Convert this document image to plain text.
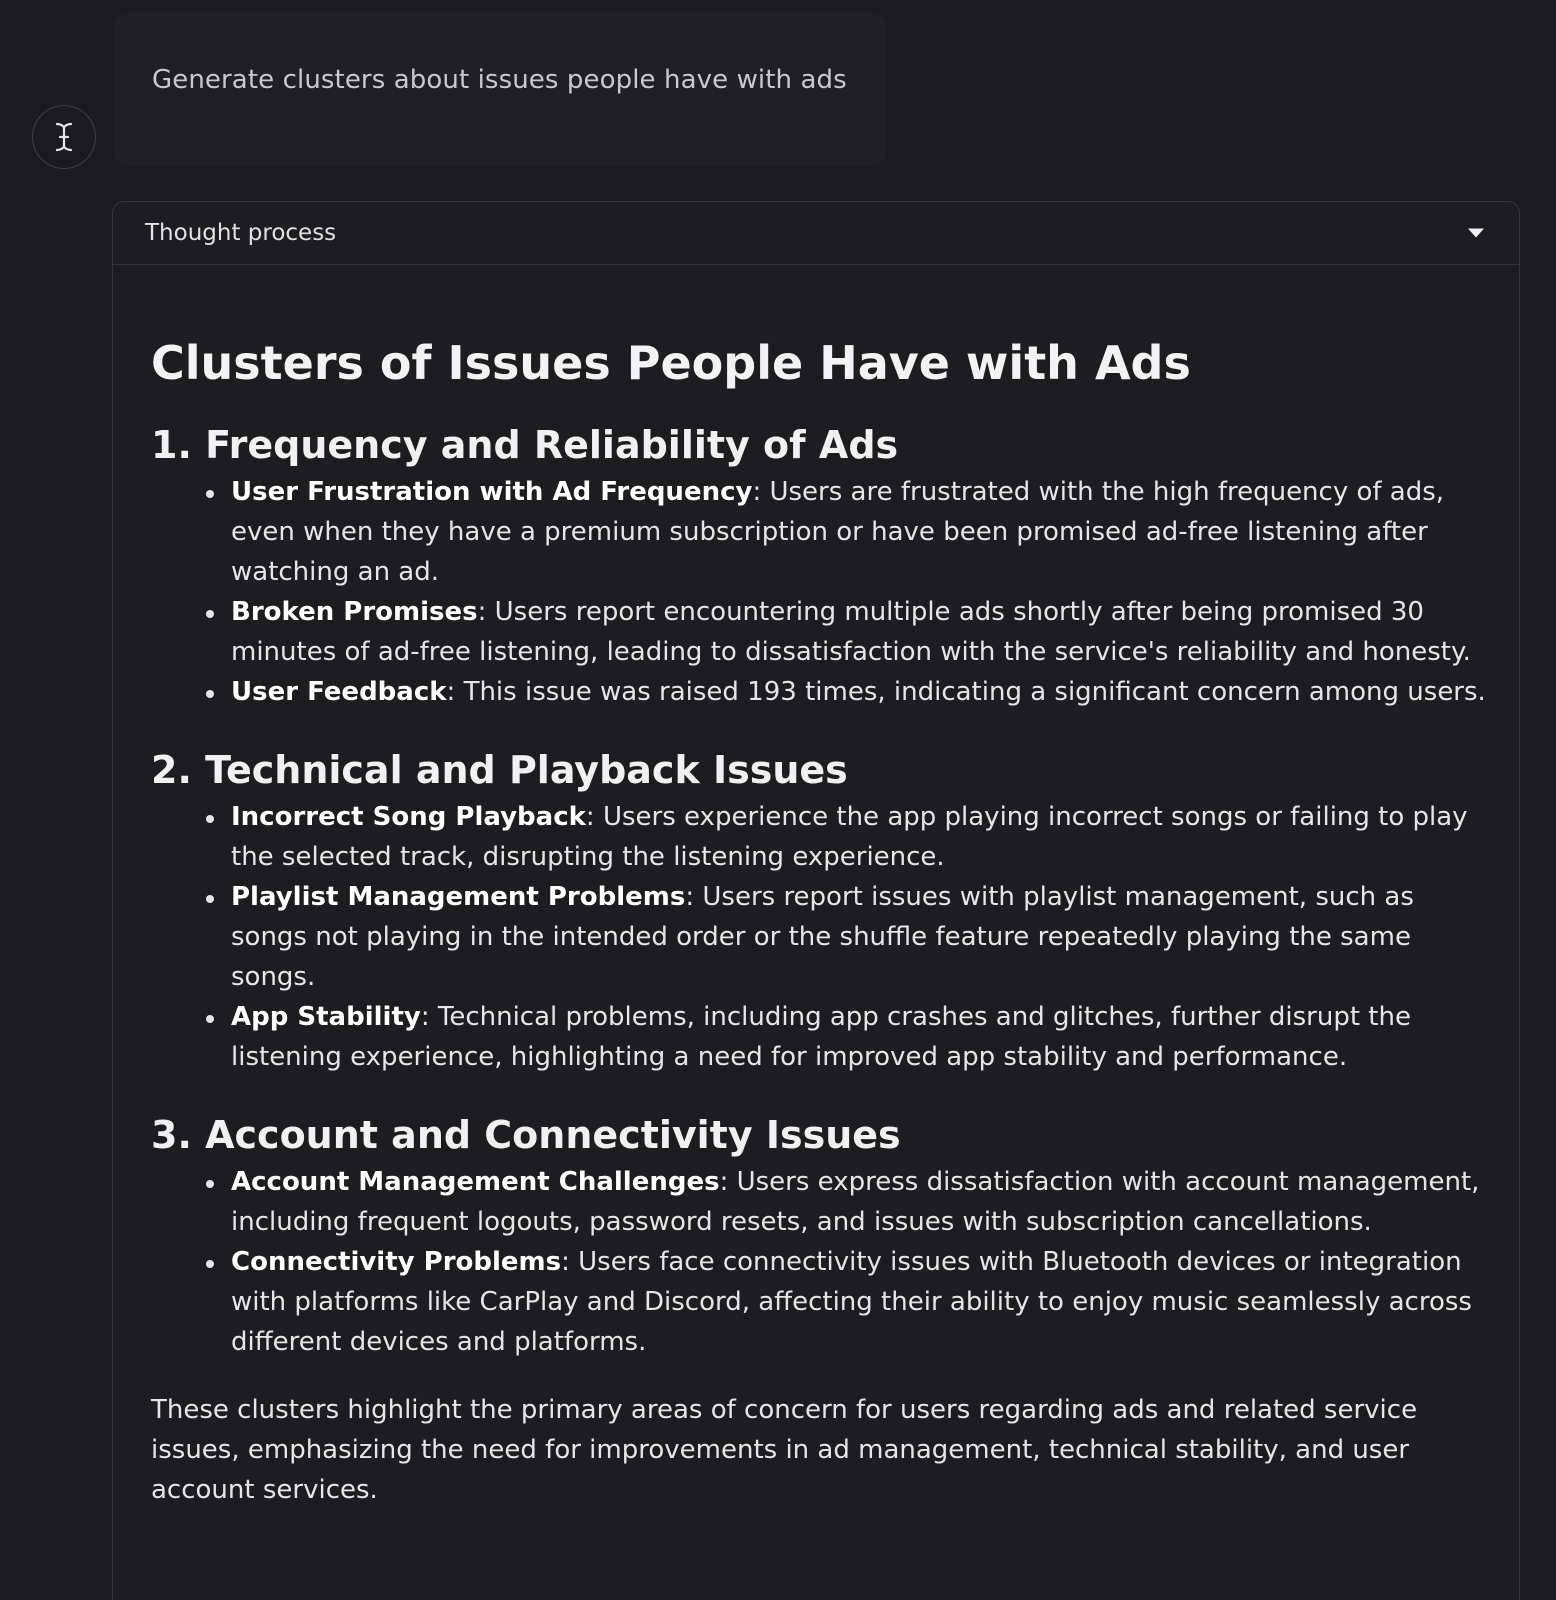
Generate clusters about issues people have with ads
Thought process
Clusters of Issues People Have with Ads
1. Frequency and Reliability of Ads
User Frustration with Ad Frequency: Users are frustrated with the high frequency of ads, even when they have a premium subscription or have been promised ad-free listening after watching an ad.
Broken Promises: Users report encountering multiple ads shortly after being promised 30 minutes of ad-free listening, leading to dissatisfaction with the service's reliability and honesty.
User Feedback: This issue was raised 193 times, indicating a significant concern among users.
2. Technical and Playback Issues
Incorrect Song Playback: Users experience the app playing incorrect songs or failing to play the selected track, disrupting the listening experience.
Playlist Management Problems: Users report issues with playlist management, such as songs not playing in the intended order or the shuffle feature repeatedly playing the same songs.
App Stability: Technical problems, including app crashes and glitches, further disrupt the listening experience, highlighting a need for improved app stability and performance.
3. Account and Connectivity Issues
Account Management Challenges: Users express dissatisfaction with account management, including frequent logouts, password resets, and issues with subscription cancellations.
Connectivity Problems: Users face connectivity issues with Bluetooth devices or integration with platforms like CarPlay and Discord, affecting their ability to enjoy music seamlessly across different devices and platforms.

These clusters highlight the primary areas of concern for users regarding ads and related service issues, emphasizing the need for improvements in ad management, technical stability, and user account services.
